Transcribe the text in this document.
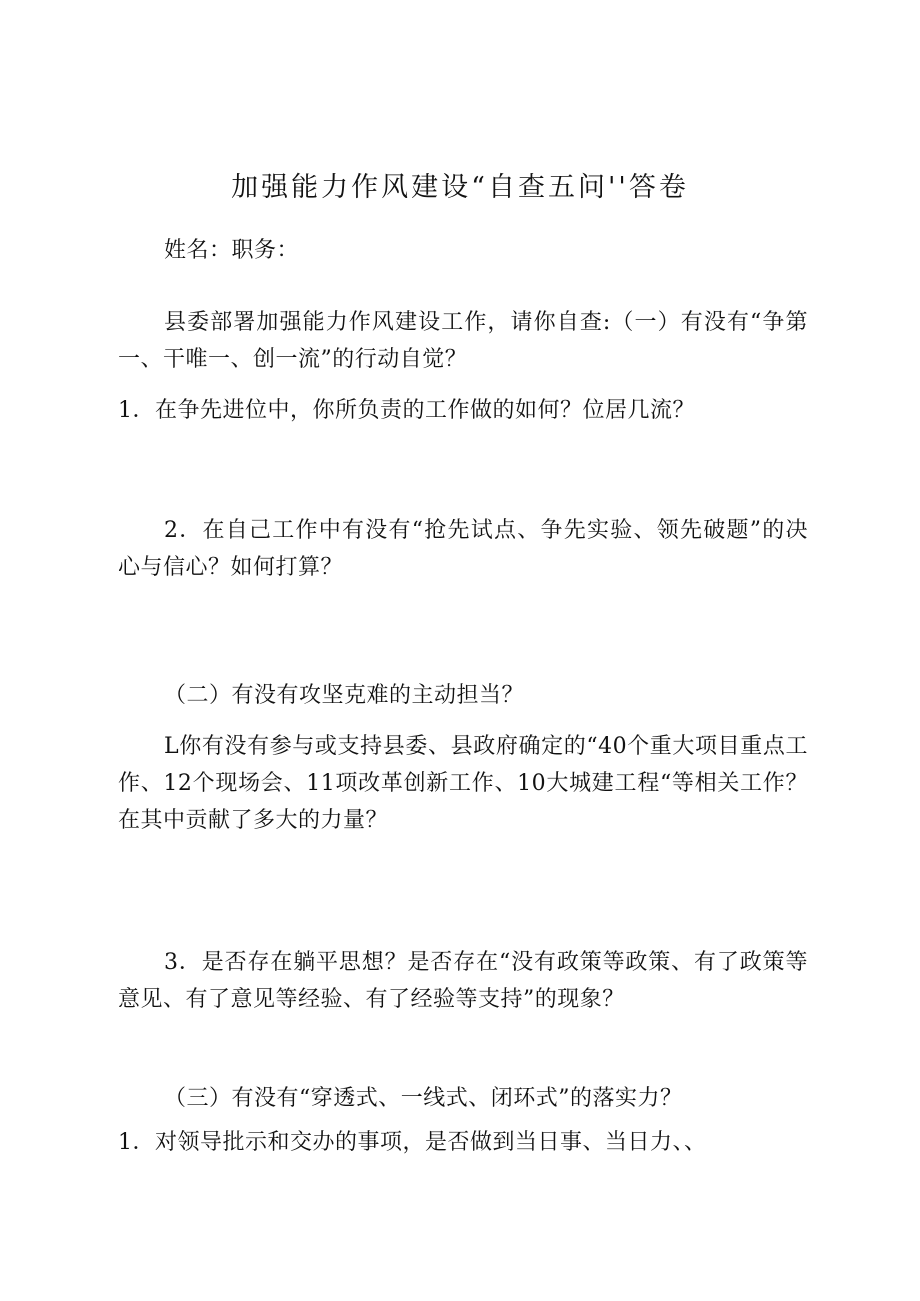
加强能力作风建设“自查五问''答卷
姓名：职务：
县委部署加强能力作风建设工作，请你自查:（一）有没有“争第一、干唯一、创一流”的行动自觉？
1．在争先进位中，你所负责的工作做的如何？位居几流？
2．在自己工作中有没有“抢先试点、争先实验、领先破题”的决心与信心？如何打算？
（二）有没有攻坚克难的主动担当？
L你有没有参与或支持县委、县政府确定的“40个重大项目重点工作、12个现场会、11项改革创新工作、10大城建工程“等相关工作？在其中贡献了多大的力量？
3．是否存在躺平思想？是否存在“没有政策等政策、有了政策等意见、有了意见等经验、有了经验等支持”的现象？
（三）有没有“穿透式、一线式、闭环式”的落实力？
1．对领导批示和交办的事项，是否做到当日事、当日力、、
